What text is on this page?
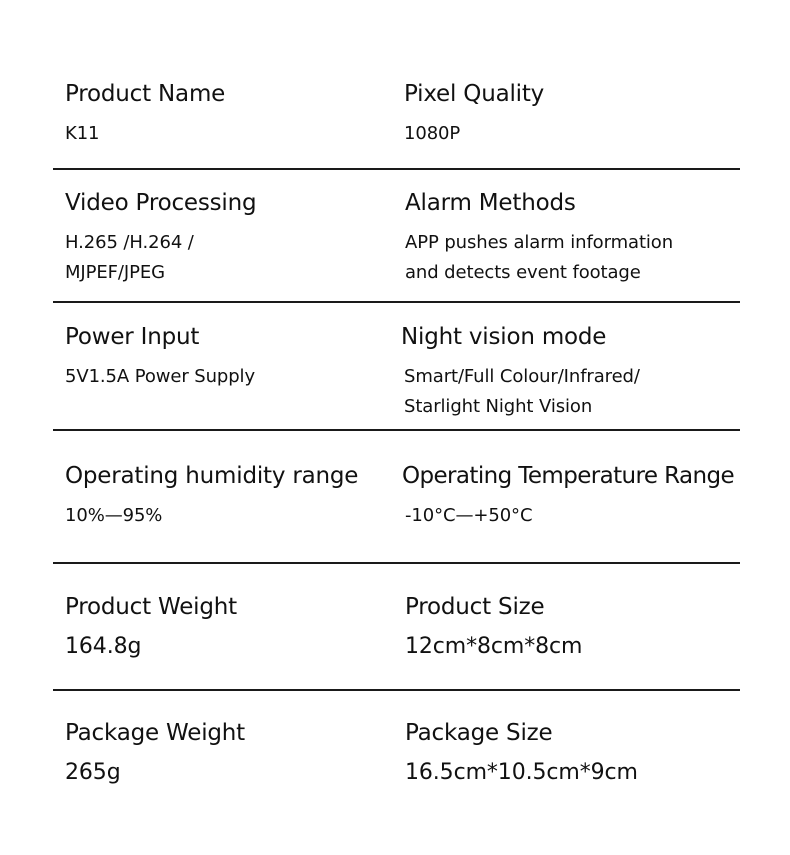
Product Name
K11
Pixel Quality
1080P
Video Processing
H.265 /H.264 /
MJPEF/JPEG
Alarm Methods
APP pushes alarm information
and detects event footage
Power Input
5V1.5A Power Supply
Night vision mode
Smart/Full Colour/Infrared/
Starlight Night Vision
Operating humidity range
10%—95%
Operating Temperature Range
-10°C—+50°C
Product Weight
164.8g
Product Size
12cm*8cm*8cm
Package Weight
265g
Package Size
16.5cm*10.5cm*9cm
